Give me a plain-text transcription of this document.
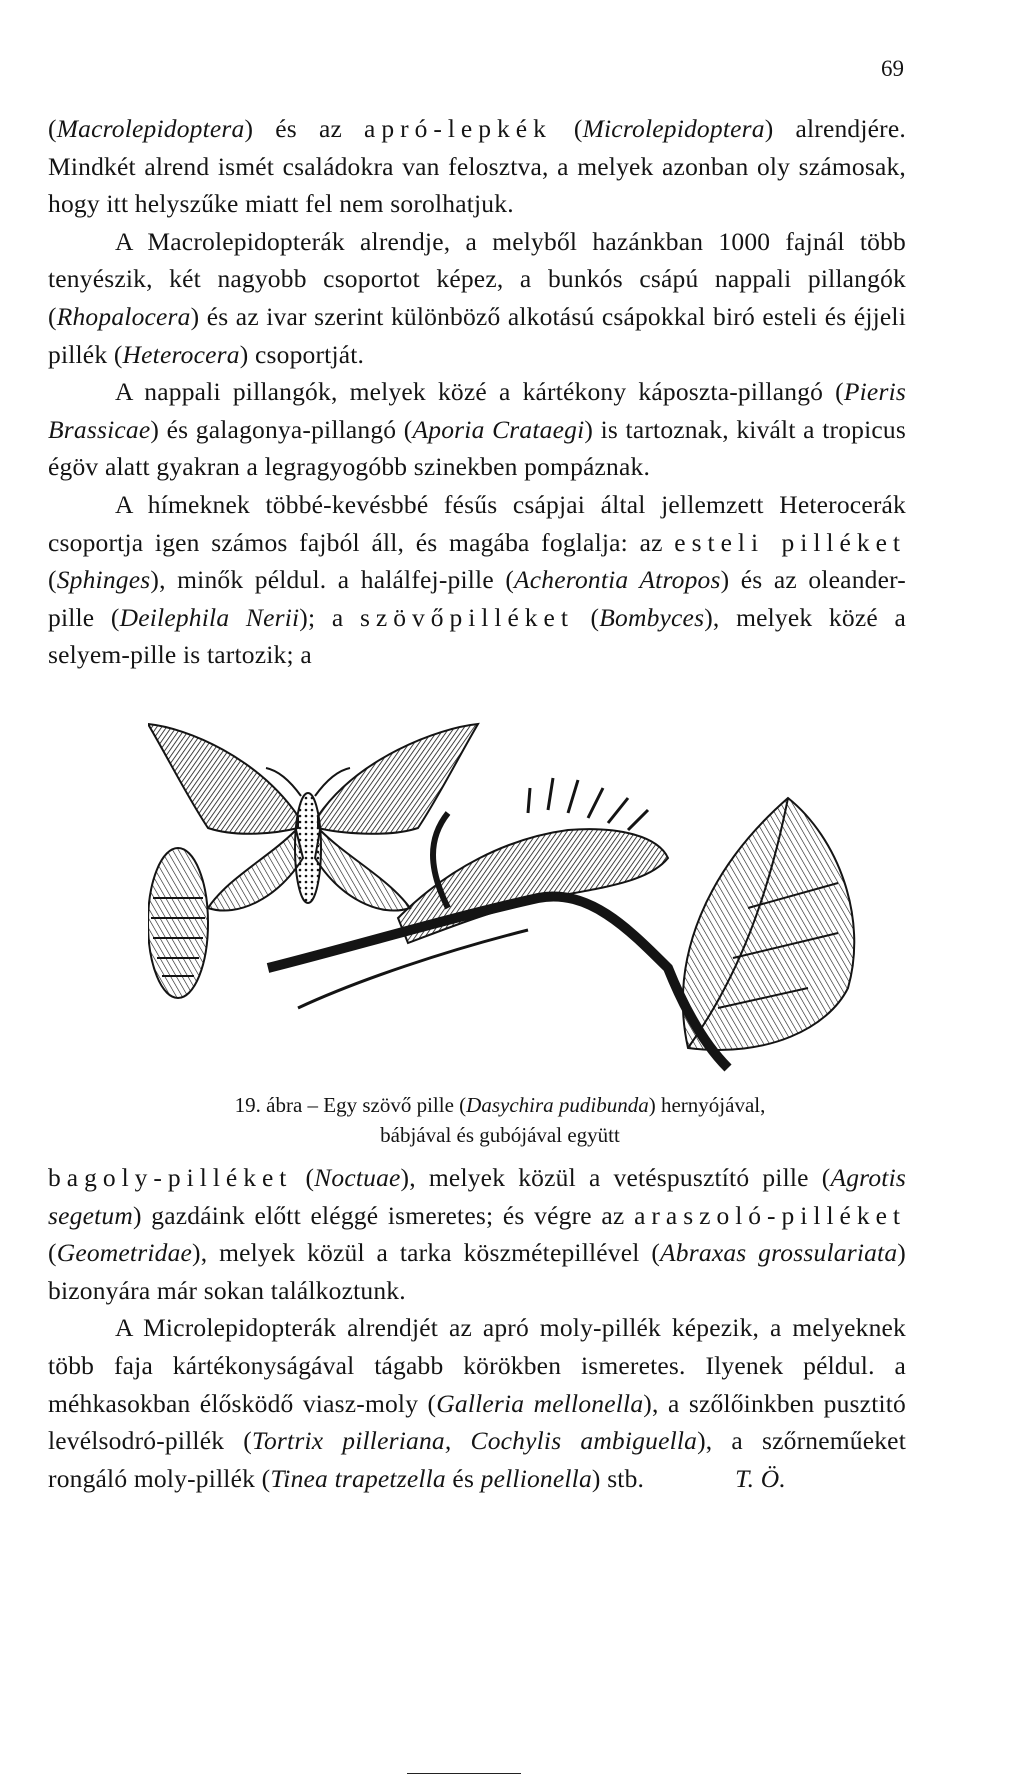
69

(Macrolepidoptera) és az apró-lepkék (Microlepidoptera) alrendjére. Mindkét alrend ismét családokra van felosztva, a melyek azonban oly számosak, hogy itt helyszűke miatt fel nem sorolhatjuk.

A Macrolepidopterák alrendje, a melyből hazánkban 1000 fajnál több tenyészik, két nagyobb csoportot képez, a bunkós csápú nappali pillangók (Rhopalocera) és az ivar szerint különböző alkotású csápokkal biró esteli és éjjeli pillék (Heterocera) csoportját.

A nappali pillangók, melyek közé a kártékony káposzta-pillangó (Pieris Brassicae) és galagonya-pillangó (Aporia Crataegi) is tartoznak, kivált a tropicus égöv alatt gyakran a legragyogóbb szinekben pompáznak.

A hímeknek többé-kevésbbé fésűs csápjai által jellemzett Heterocerák csoportja igen számos fajból áll, és magába foglalja: az esteli pilléket (Sphinges), minők példul. a halálfej-pille (Acherontia Atropos) és az oleander-pille (Deilephila Nerii); a szövőpilléket (Bombyces), melyek közé a selyem-pille is tartozik; a

19. ábra – Egy szövő pille (Dasychira pudibunda) hernyójával,
bábjával és gubójával együtt

bagoly-pilléket (Noctuae), melyek közül a vetéspusztító pille (Agrotis segetum) gazdáink előtt eléggé ismeretes; és végre az araszoló-pilléket (Geometridae), melyek közül a tarka köszmétepillével (Abraxas grossulariata) bizonyára már sokan találkoztunk.

A Microlepidopterák alrendjét az apró moly-pillék képezik, a melyeknek több faja kártékonyságával tágabb körökben ismeretes. Ilyenek példul. a méhkasokban élősködő viasz-moly (Galleria mellonella), a szőlőinkben pusztitó levélsodró-pillék (Tortrix pilleriana, Cochylis ambiguella), a szőrneműeket rongáló moly-pillék (Tinea trapetzella és pellionella) stb.	T. Ö.
